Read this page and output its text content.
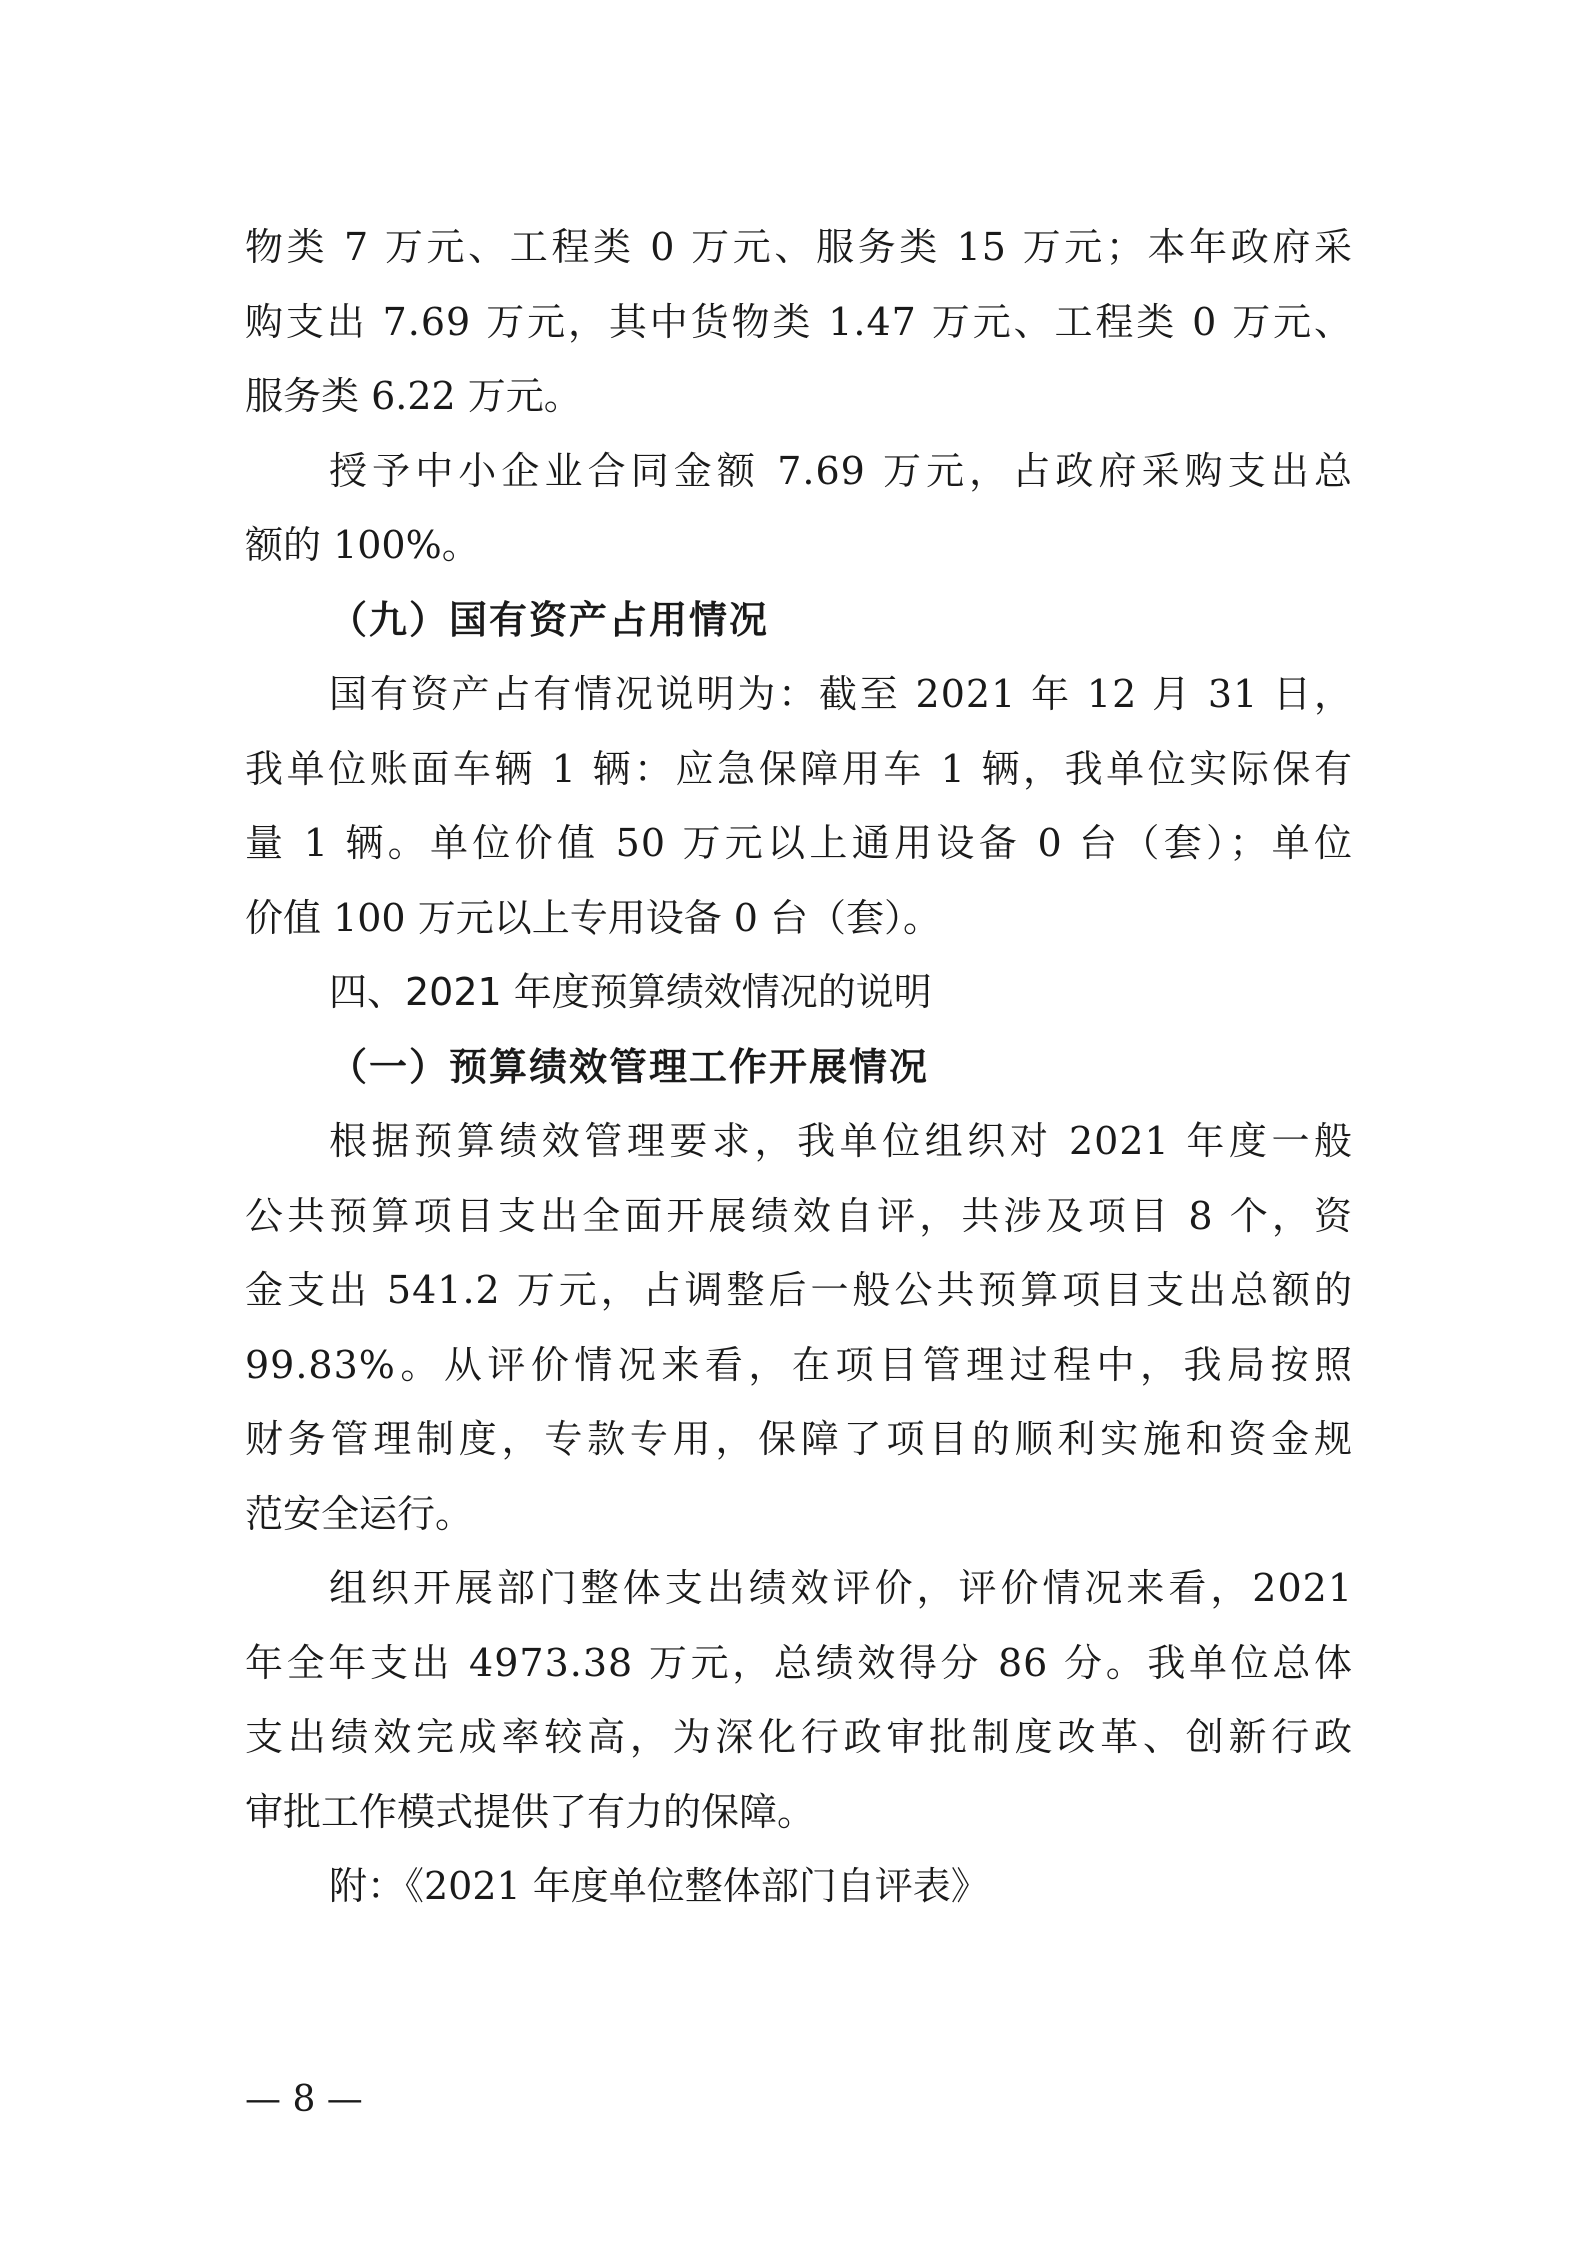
物类 7 万元、工程类 0 万元、服务类 15 万元；本年政府采
购支出 7.69 万元，其中货物类 1.47 万元、工程类 0 万元、
服务类 6.22 万元。
授予中小企业合同金额 7.69 万元，占政府采购支出总
额的 100%。
（九）国有资产占用情况
国有资产占有情况说明为：截至 2021 年 12 月 31 日，
我单位账面车辆 1 辆：应急保障用车 1 辆，我单位实际保有
量 1 辆。单位价值 50 万元以上通用设备 0 台（套）；单位
价值 100 万元以上专用设备 0 台（套）。
四、2021 年度预算绩效情况的说明
（一）预算绩效管理工作开展情况
根据预算绩效管理要求，我单位组织对 2021 年度一般
公共预算项目支出全面开展绩效自评，共涉及项目 8 个，资
金支出 541.2 万元，占调整后一般公共预算项目支出总额的
99.83%。从评价情况来看，在项目管理过程中，我局按照
财务管理制度，专款专用，保障了项目的顺利实施和资金规
范安全运行。
组织开展部门整体支出绩效评价，评价情况来看，2021
年全年支出 4973.38 万元，总绩效得分 86 分。我单位总体
支出绩效完成率较高，为深化行政审批制度改革、创新行政
审批工作模式提供了有力的保障。
附：《2021 年度单位整体部门自评表》
— 8 —
